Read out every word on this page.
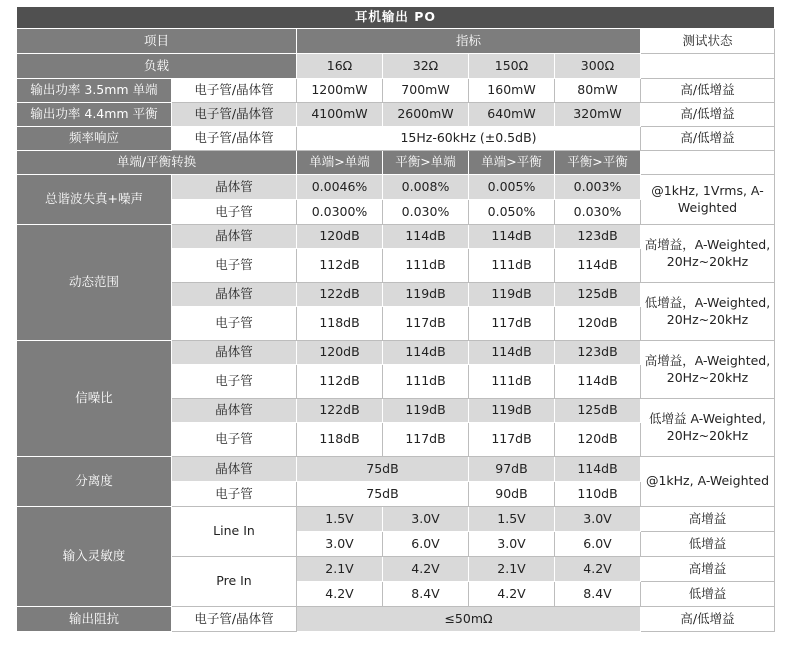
耳机输出 PO						
项目		指标				测试状态
负载		16Ω	32Ω	150Ω	300Ω	
输出功率 3.5mm 单端	电子管/晶体管	1200mW	700mW	160mW	80mW	高/低增益
输出功率 4.4mm 平衡	电子管/晶体管	4100mW	2600mW	640mW	320mW	高/低增益
频率响应	电子管/晶体管	15Hz-60kHz (±0.5dB)				高/低增益
单端/平衡转换		单端>单端	平衡>单端	单端>平衡	平衡>平衡	
总谐波失真+噪声	晶体管	0.0046%	0.008%	0.005%	0.003%	@1kHz, 1Vrms, A-Weighted
	电子管	0.0300%	0.030%	0.050%	0.030%	
动态范围	晶体管	120dB	114dB	114dB	123dB	高增益，A-Weighted, 20Hz~20kHz
	电子管	112dB	111dB	111dB	114dB	
	晶体管	122dB	119dB	119dB	125dB	低增益，A-Weighted, 20Hz~20kHz
	电子管	118dB	117dB	117dB	120dB	
信噪比	晶体管	120dB	114dB	114dB	123dB	高增益，A-Weighted, 20Hz~20kHz
	电子管	112dB	111dB	111dB	114dB	
	晶体管	122dB	119dB	119dB	125dB	低增益 A-Weighted, 20Hz~20kHz
	电子管	118dB	117dB	117dB	120dB	
分离度	晶体管	75dB		97dB	114dB	@1kHz, A-Weighted
	电子管	75dB		90dB	110dB	
输入灵敏度	Line In	1.5V	3.0V	1.5V	3.0V	高增益
		3.0V	6.0V	3.0V	6.0V	低增益
	Pre In	2.1V	4.2V	2.1V	4.2V	高增益
		4.2V	8.4V	4.2V	8.4V	低增益
输出阻抗	电子管/晶体管	≤50mΩ				高/低增益
